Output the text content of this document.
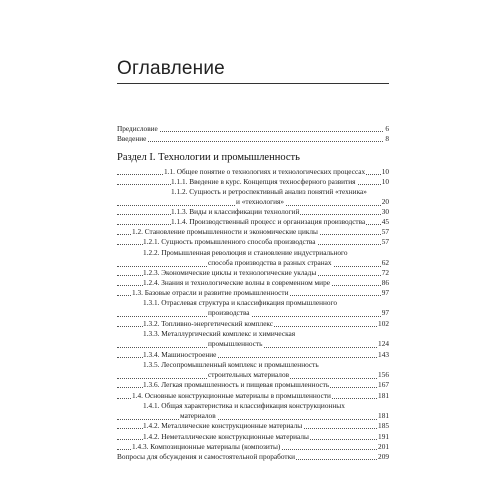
Оглавление
Раздел I. Технологии и промышленность
Предисловие	6
Введение	8
1.1. Общее понятие о технологиях и технологических процессах 10
1.1.1. Введение в курс. Концепция техносферного развития	10
1.1.2. Сущность и ретроспективный анализ понятий «техника»
и «технология»	20
1.1.3. Виды и классификации технологий	30
1.1.4. Производственный процесс и организация производства 45
1.2. Становление промышленности и экономические циклы	57
1.2.1. Сущность промышленного способа производства	57
1.2.2. Промышленная революция и становление индустриального
способа производства в разных странах	62
1.2.3. Экономические циклы и технологические уклады	72
1.2.4. Знания и технологические волны в современном мире	86
1.3. Базовые отрасли и развитие промышленности	97
1.3.1. Отраслевая структура и классификация промышленного
производства	97
1.3.2. Топливно-энергетический комплекс	102
1.3.3. Металлургический комплекс и химическая
промышленность	124
1.3.4. Машиностроение	143
1.3.5. Лесопромышленный комплекс и промышленность
строительных материалов	156
1.3.6. Легкая промышленность и пищевая промышленность	167
1.4. Основные конструкционные материалы в промышленности	181
1.4.1. Общая характеристика и классификация конструкционных
материалов	181
1.4.2. Металлические конструкционные материалы	185
1.4.2. Неметаллические конструкционные материалы	191
1.4.3. Композиционные материалы (композиты)	201
Вопросы для обсуждения и самостоятельной проработки	209
